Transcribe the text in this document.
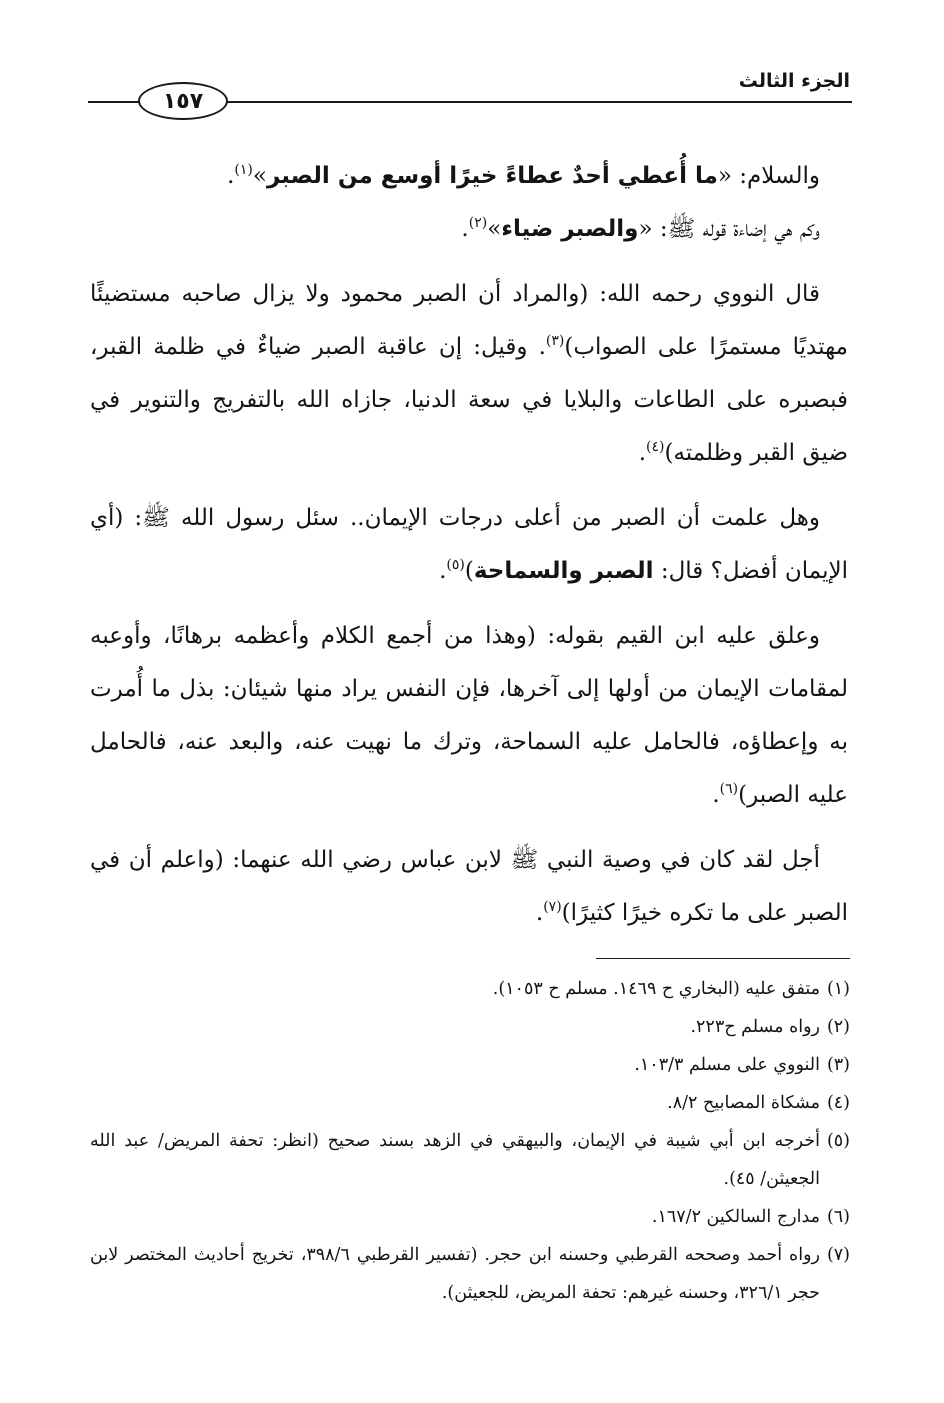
الجزء الثالث
١٥٧

والسلام: «ما أُعطي أحدٌ عطاءً خيرًا أوسع من الصبر»$^{(١)}$.

وكم هي إضاءة قوله ﷺ: «والصبر ضياء»$^{(٢)}$.

قال النووي رحمه الله: (والمراد أن الصبر محمود ولا يزال صاحبه مستضيئًا مهتديًا مستمرًا على الصواب)$^{(٣)}$. وقيل: إن عاقبة الصبر ضياءٌ في ظلمة القبر، فبصبره على الطاعات والبلايا في سعة الدنيا، جازاه الله بالتفريج والتنوير في ضيق القبر وظلمته)$^{(٤)}$.

وهل علمت أن الصبر من أعلى درجات الإيمان.. سئل رسول الله ﷺ: (أي الإيمان أفضل؟ قال: الصبر والسماحة)$^{(٥)}$.

وعلق عليه ابن القيم بقوله: (وهذا من أجمع الكلام وأعظمه برهانًا، وأوعبه لمقامات الإيمان من أولها إلى آخرها، فإن النفس يراد منها شيئان: بذل ما أُمرت به وإعطاؤه، فالحامل عليه السماحة، وترك ما نهيت عنه، والبعد عنه، فالحامل عليه الصبر)$^{(٦)}$.

أجل لقد كان في وصية النبي ﷺ لابن عباس رضي الله عنهما: (واعلم أن في الصبر على ما تكره خيرًا كثيرًا)$^{(٧)}$.

(١)
متفق عليه (البخاري ح ١٤٦٩. مسلم ح ١٠٥٣).
(٢)
رواه مسلم ح٢٢٣.
(٣)
النووي على مسلم ١٠٣/٣.
(٤)
مشكاة المصابيح ٨/٢.
(٥)
أخرجه ابن أبي شيبة في الإيمان، والبيهقي في الزهد بسند صحيح (انظر: تحفة المريض/ عبد الله الجعيثن/ ٤٥).
(٦)
مدارج السالكين ١٦٧/٢.
(٧)
رواه أحمد وصححه القرطبي وحسنه ابن حجر. (تفسير القرطبي ٣٩٨/٦، تخريج أحاديث المختصر لابن حجر ٣٢٦/١، وحسنه غيرهم: تحفة المريض، للجعيثن).
